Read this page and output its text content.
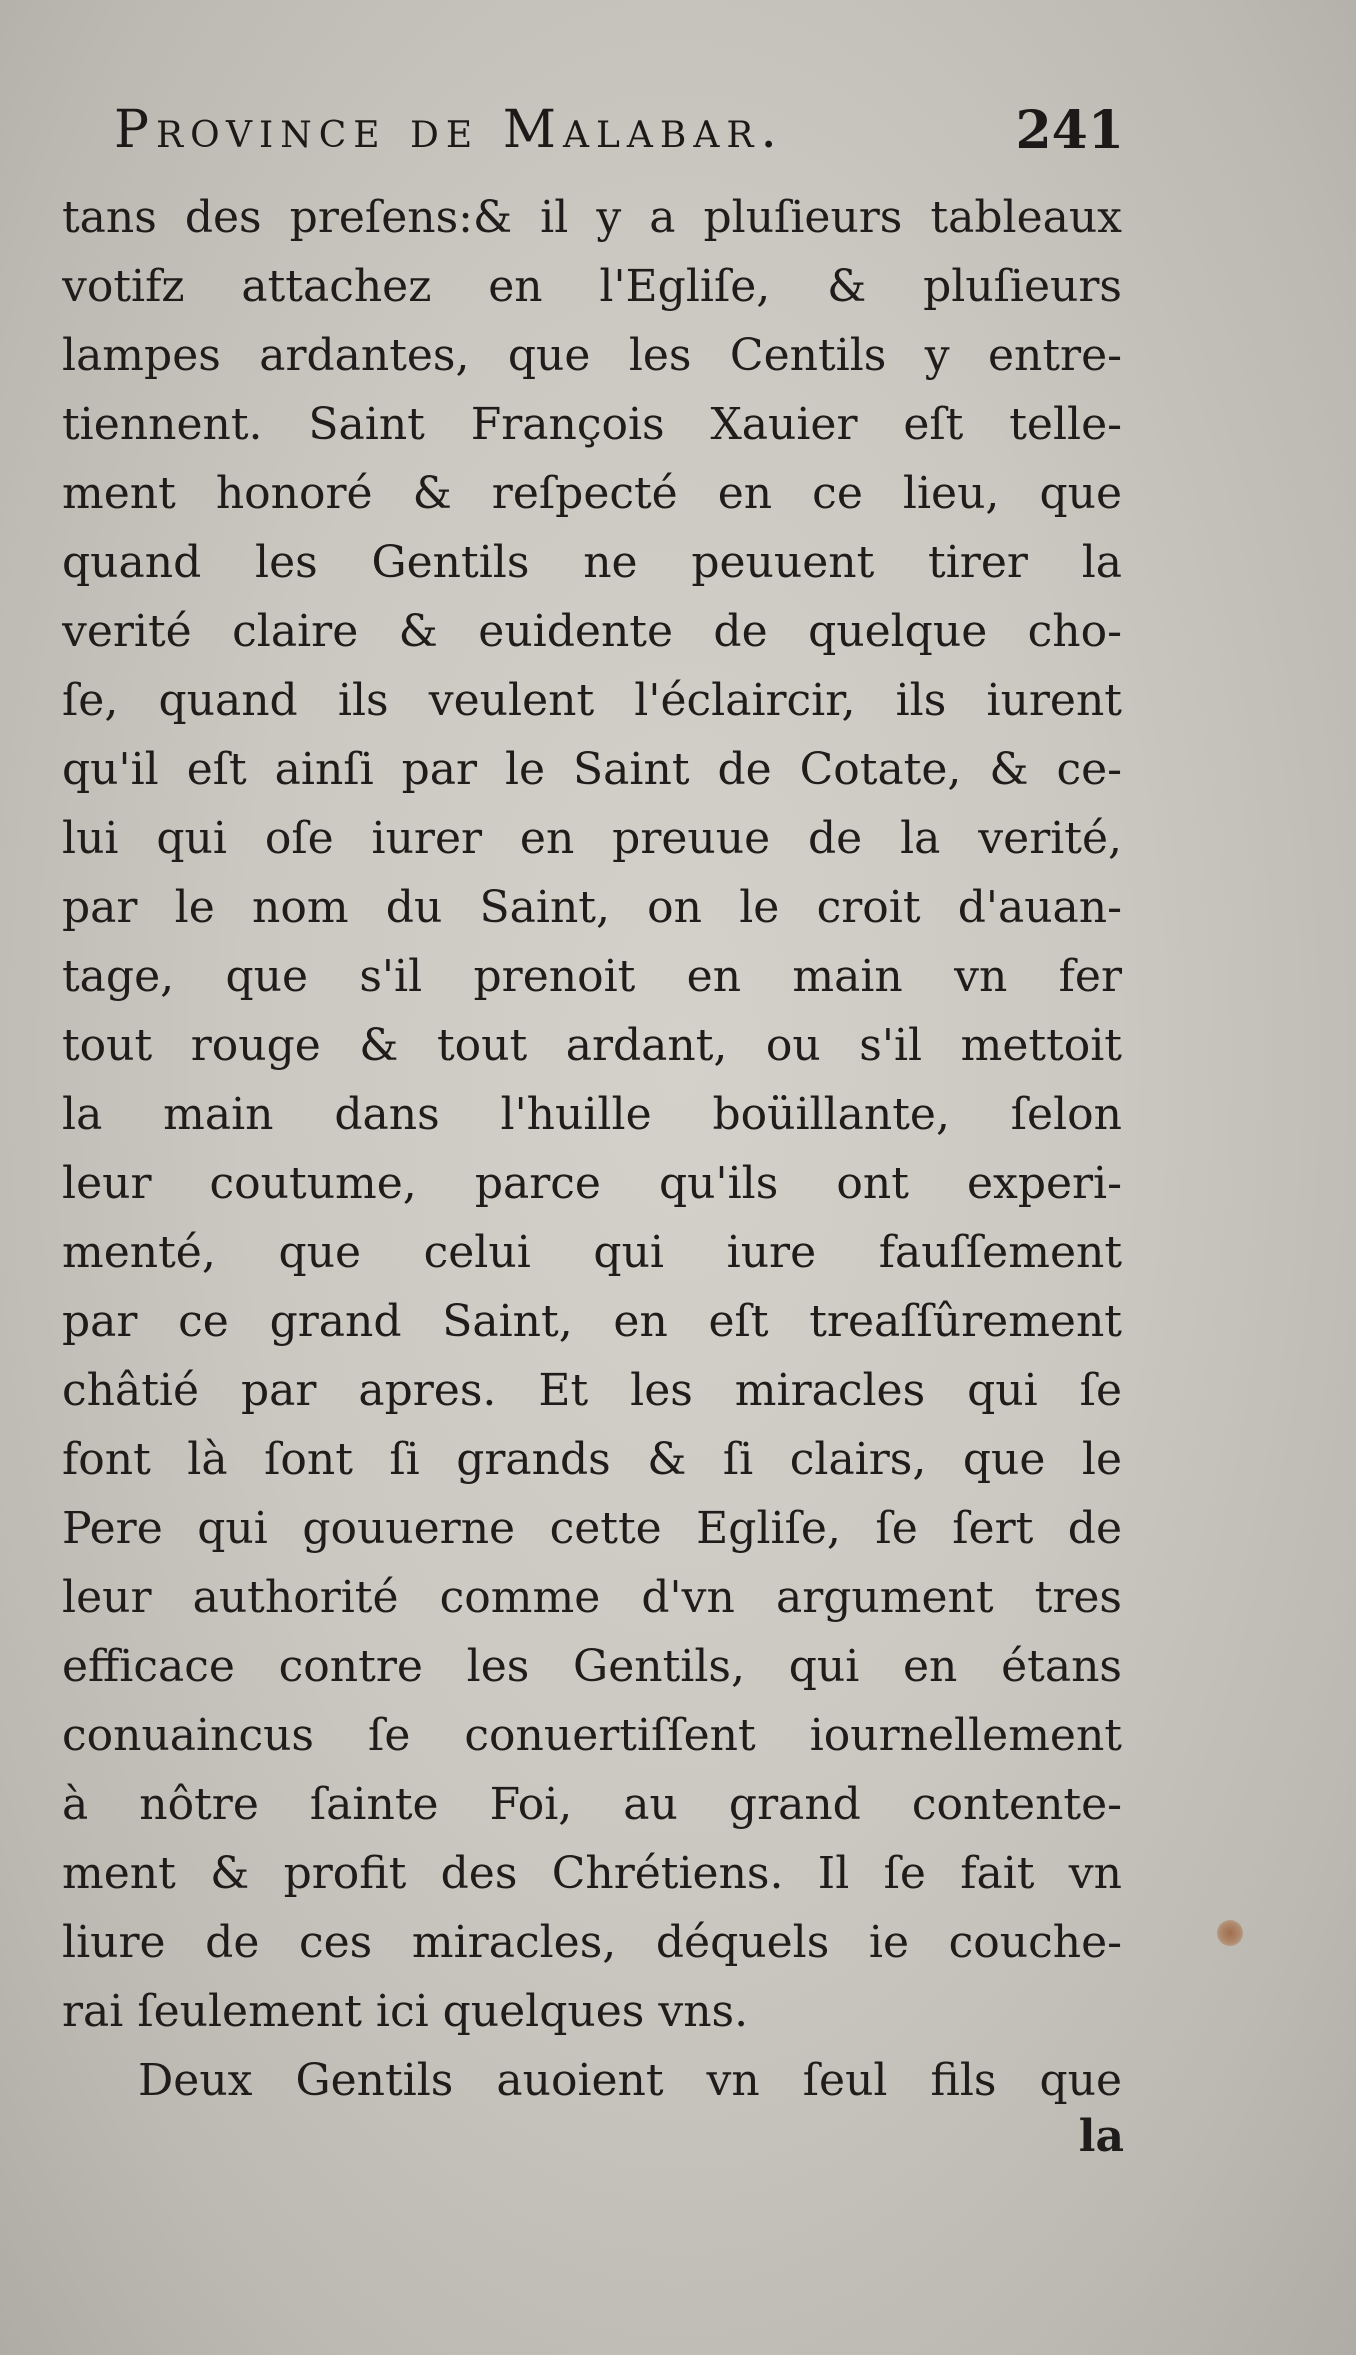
Province de Malabar.	241
tans des preſens:& il y a pluſieurs tableaux
votifz attachez en l'Egliſe, & pluſieurs
lampes ardantes, que les Centils y entre-
tiennent. Saint François Xauier eſt telle-
ment honoré & reſpecté en ce lieu, que
quand les Gentils ne peuuent tirer la
verité claire & euidente de quelque cho-
ſe, quand ils veulent l'éclaircir, ils iurent
qu'il eſt ainſi par le Saint de Cotate, & ce-
lui qui oſe iurer en preuue de la verité,
par le nom du Saint, on le croit d'auan-
tage, que s'il prenoit en main vn fer
tout rouge & tout ardant, ou s'il mettoit
la main dans l'huille boüillante, ſelon
leur coutume, parce qu'ils ont experi-
menté, que celui qui iure fauſſement
par ce grand Saint, en eſt treaſſûrement
châtié par apres. Et les miracles qui ſe
font là ſont ſi grands & ſi clairs, que le
Pere qui gouuerne cette Egliſe, ſe ſert de
leur authorité comme d'vn argument tres
efficace contre les Gentils, qui en étans
conuaincus ſe conuertiſſent iournellement
à nôtre ſainte Foi, au grand contente-
ment & profit des Chrétiens. Il ſe fait vn
liure de ces miracles, déquels ie couche-
rai ſeulement ici quelques vns.
Deux Gentils auoient vn ſeul fils que
la
